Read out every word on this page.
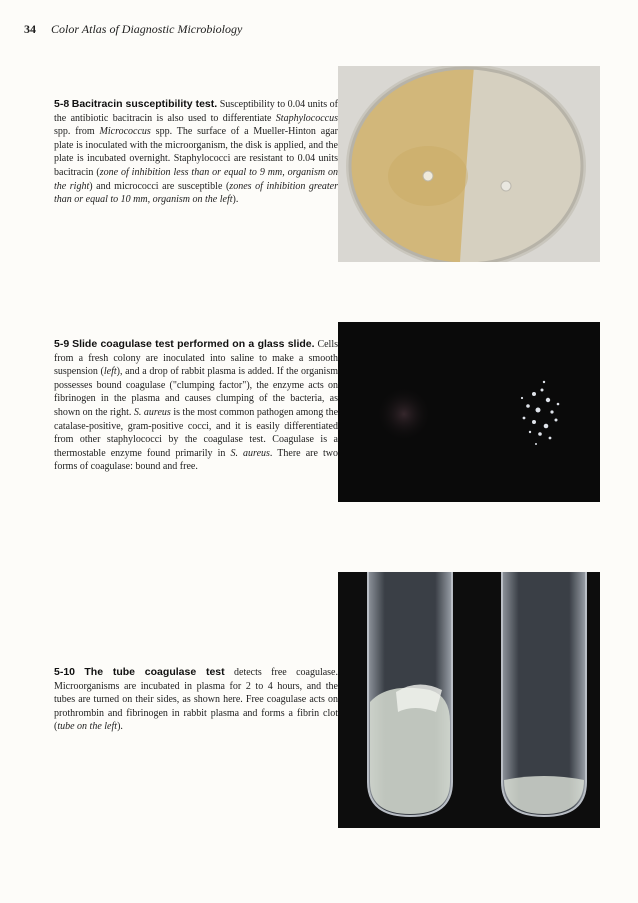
34 Color Atlas of Diagnostic Microbiology
5-8 Bacitracin susceptibility test. Susceptibility to 0.04 units of the antibiotic bacitracin is also used to differentiate Staphylococcus spp. from Micrococcus spp. The surface of a Mueller-Hinton agar plate is inoculated with the microorganism, the disk is applied, and the plate is incubated overnight. Staphylococci are resistant to 0.04 units bacitracin (zone of inhibition less than or equal to 9 mm, organism on the right) and micrococci are susceptible (zones of inhibition greater than or equal to 10 mm, organism on the left).
5-9 Slide coagulase test performed on a glass slide. Cells from a fresh colony are inoculated into saline to make a smooth suspension (left), and a drop of rabbit plasma is added. If the organism possesses bound coagulase ("clumping factor"), the enzyme acts on fibrinogen in the plasma and causes clumping of the bacteria, as shown on the right. S. aureus is the most common pathogen among the catalase-positive, gram-positive cocci, and it is easily differentiated from other staphylococci by the coagulase test. Coagulase is a thermostable enzyme found primarily in S. aureus. There are two forms of coagulase: bound and free.
5-10 The tube coagulase test detects free coagulase. Microorganisms are incubated in plasma for 2 to 4 hours, and the tubes are turned on their sides, as shown here. Free coagulase acts on prothrombin and fibrinogen in rabbit plasma and forms a fibrin clot (tube on the left).
